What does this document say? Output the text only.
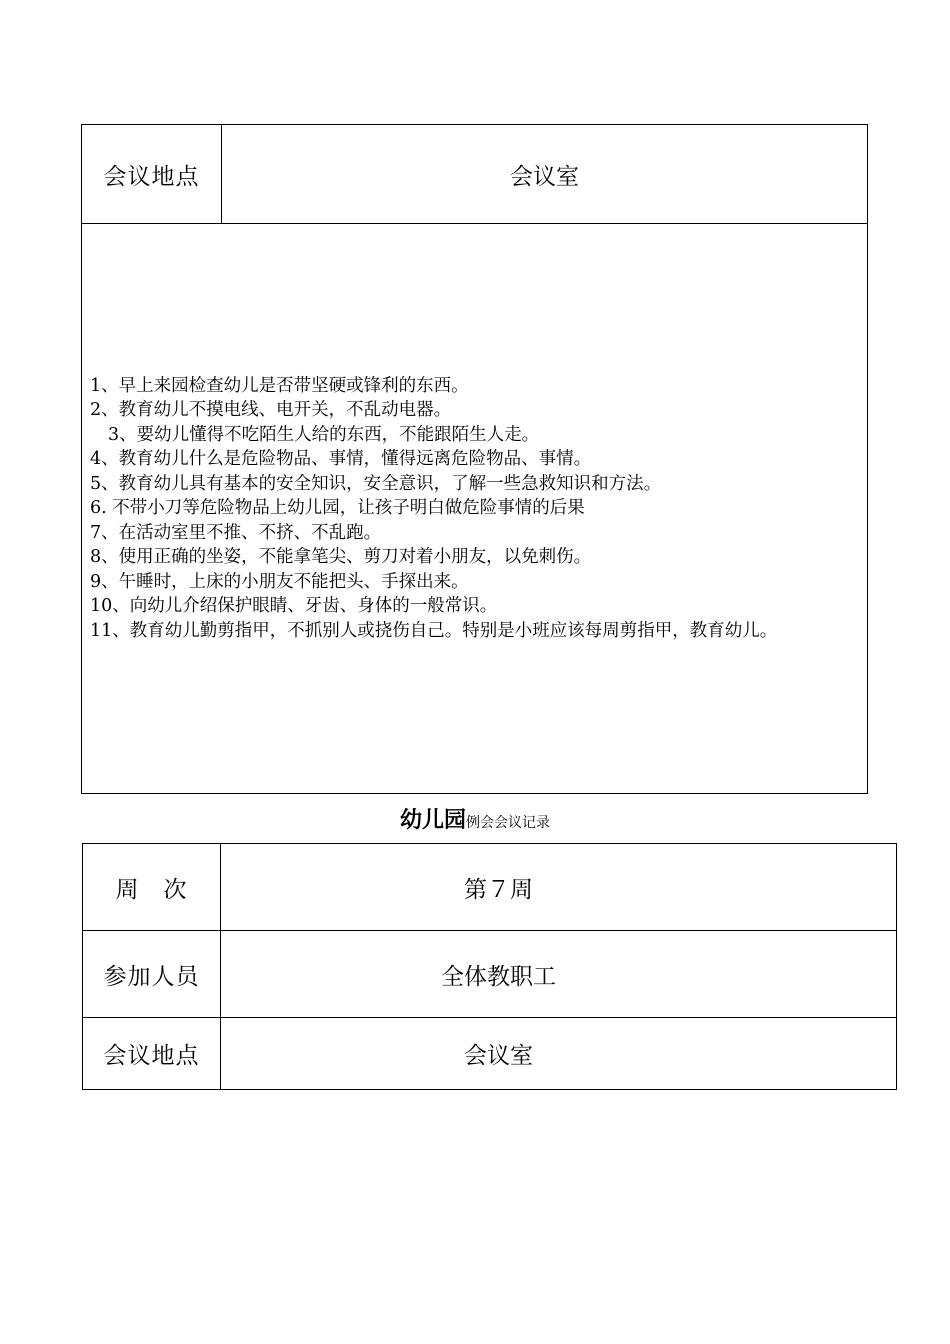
会议地点	会议室

1、早上来园检查幼儿是否带坚硬或锋利的东西。
2、教育幼儿不摸电线、电开关，不乱动电器。
3、要幼儿懂得不吃陌生人给的东西，不能跟陌生人走。
4、教育幼儿什么是危险物品、事情，懂得远离危险物品、事情。
5、教育幼儿具有基本的安全知识，安全意识，了解一些急救知识和方法。
6. 不带小刀等危险物品上幼儿园，让孩子明白做危险事情的后果
7、在活动室里不推、不挤、不乱跑。
8、使用正确的坐姿，不能拿笔尖、剪刀对着小朋友，以免刺伤。
9、午睡时，上床的小朋友不能把头、手探出来。
10、向幼儿介绍保护眼睛、牙齿、身体的一般常识。
11、教育幼儿勤剪指甲，不抓别人或挠伤自己。特别是小班应该每周剪指甲，教育幼儿。
幼儿园例会会议记录
周　次	第７周
参加人员	全体教职工
会议地点	会议室
